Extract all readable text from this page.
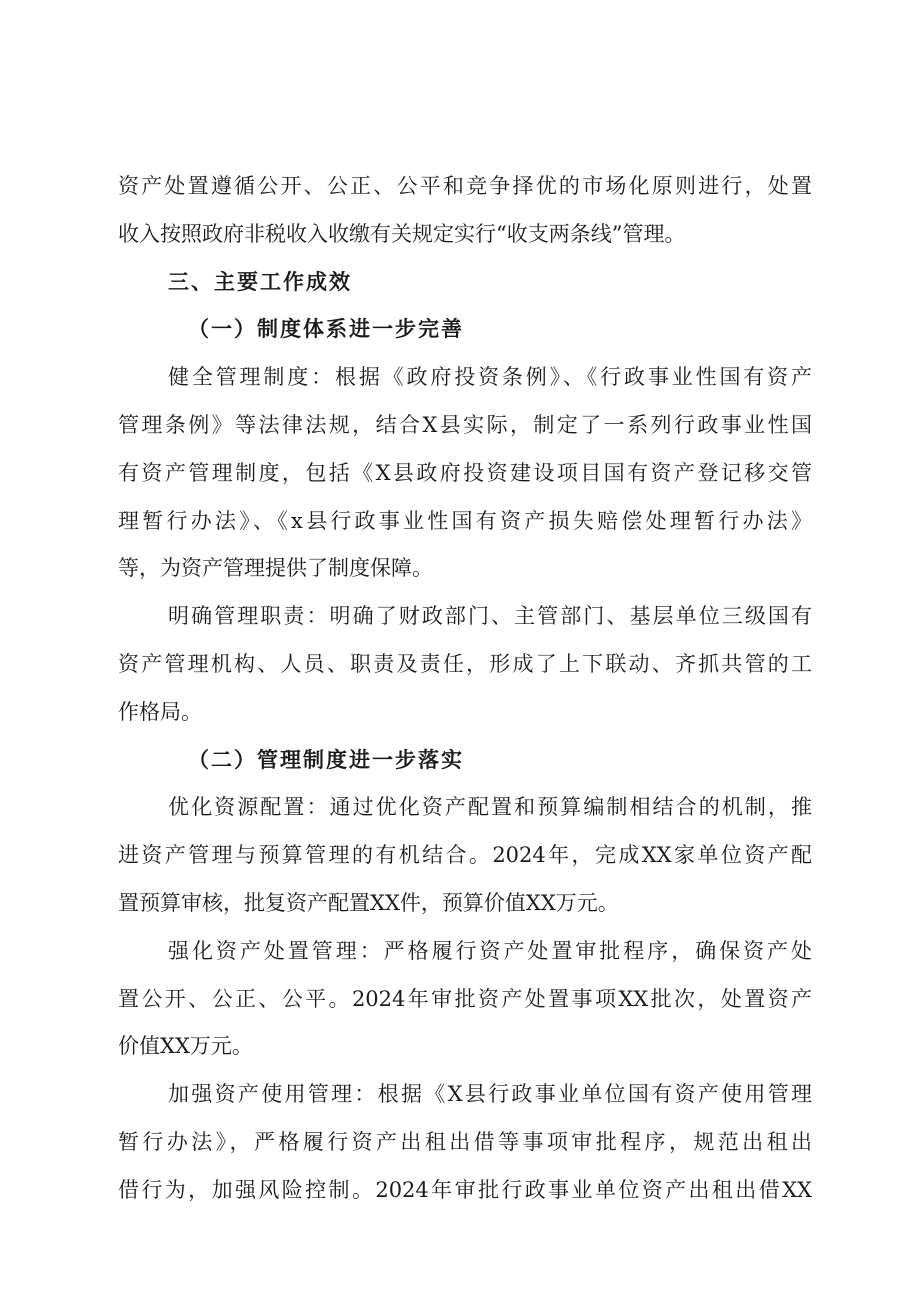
资产处置遵循公开、公正、公平和竞争择优的市场化原则进行，处置
收入按照政府非税收入收缴有关规定实行“收支两条线”管理。
三、主要工作成效
（一）制度体系进一步完善
健全管理制度：根据《政府投资条例》、《行政事业性国有资产
管理条例》等法律法规，结合X县实际，制定了一系列行政事业性国
有资产管理制度，包括《X县政府投资建设项目国有资产登记移交管
理暂行办法》、《x县行政事业性国有资产损失赔偿处理暂行办法》
等，为资产管理提供了制度保障。
明确管理职责：明确了财政部门、主管部门、基层单位三级国有
资产管理机构、人员、职责及责任，形成了上下联动、齐抓共管的工
作格局。
（二）管理制度进一步落实
优化资源配置：通过优化资产配置和预算编制相结合的机制，推
进资产管理与预算管理的有机结合。2024年，完成XX家单位资产配
置预算审核，批复资产配置XX件，预算价值XX万元。
强化资产处置管理：严格履行资产处置审批程序，确保资产处
置公开、公正、公平。2024年审批资产处置事项XX批次，处置资产
价值XX万元。
加强资产使用管理：根据《X县行政事业单位国有资产使用管理
暂行办法》，严格履行资产出租出借等事项审批程序，规范出租出
借行为，加强风险控制。2024年审批行政事业单位资产出租出借XX
